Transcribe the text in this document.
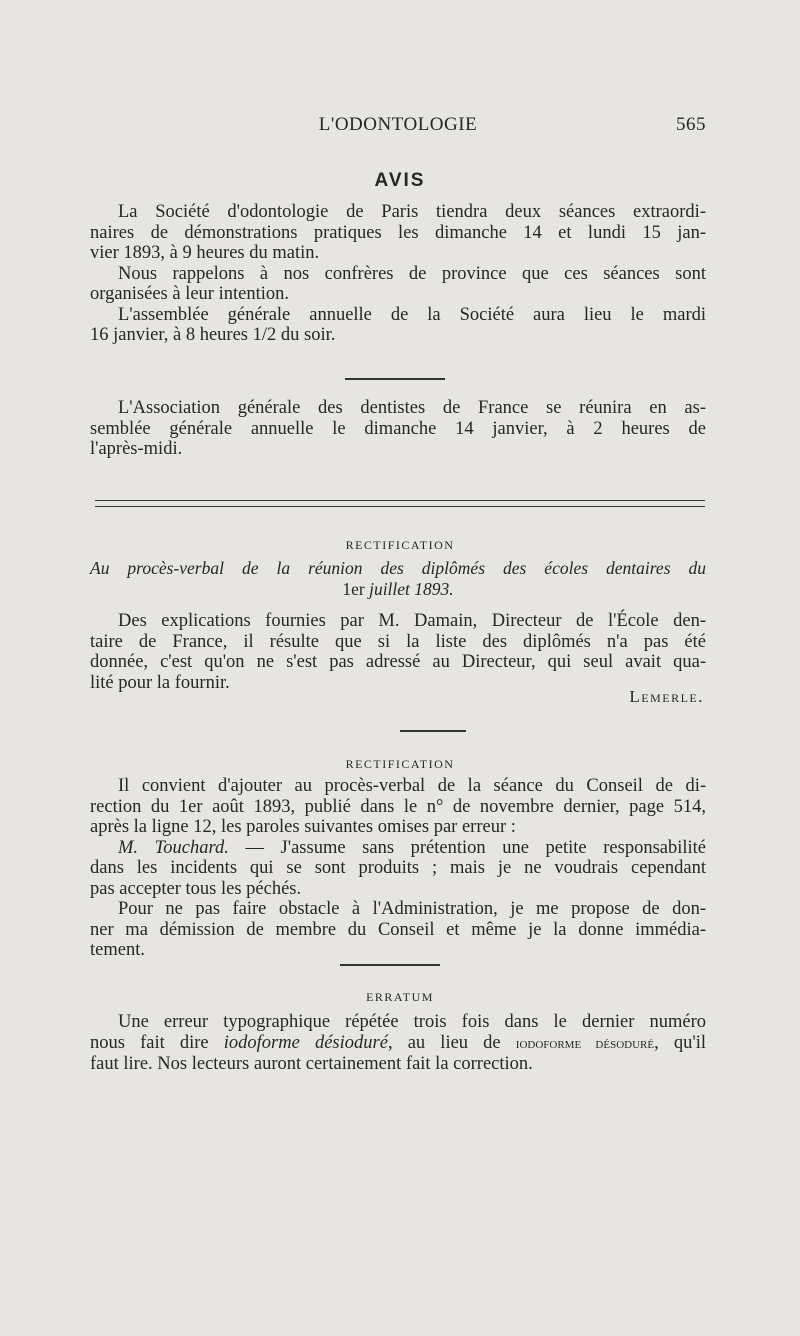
L'ODONTOLOGIE	565
AVIS
La Société d'odontologie de Paris tiendra deux séances extraordi-
naires de démonstrations pratiques les dimanche 14 et lundi 15 jan-
vier 1893, à 9 heures du matin.
Nous rappelons à nos confrères de province que ces séances sont
organisées à leur intention.
L'assemblée générale annuelle de la Société aura lieu le mardi
16 janvier, à 8 heures 1/2 du soir.
L'Association générale des dentistes de France se réunira en as-
semblée générale annuelle le dimanche 14 janvier, à 2 heures de
l'après-midi.
RECTIFICATION
Au procès-verbal de la réunion des diplômés des écoles dentaires du
1er juillet 1893.
Des explications fournies par M. Damain, Directeur de l'École den-
taire de France, il résulte que si la liste des diplômés n'a pas été
donnée, c'est qu'on ne s'est pas adressé au Directeur, qui seul avait qua-
lité pour la fournir.
Lemerle.
RECTIFICATION
Il convient d'ajouter au procès-verbal de la séance du Conseil de di-
rection du 1er août 1893, publié dans le n° de novembre dernier, page 514,
après la ligne 12, les paroles suivantes omises par erreur :
M. Touchard. — J'assume sans prétention une petite responsabilité
dans les incidents qui se sont produits ; mais je ne voudrais cependant
pas accepter tous les péchés.
Pour ne pas faire obstacle à l'Administration, je me propose de don-
ner ma démission de membre du Conseil et même je la donne immédia-
tement.
ERRATUM
Une erreur typographique répétée trois fois dans le dernier numéro
nous fait dire iodoforme désioduré, au lieu de iodoforme désoduré, qu'il
faut lire. Nos lecteurs auront certainement fait la correction.
